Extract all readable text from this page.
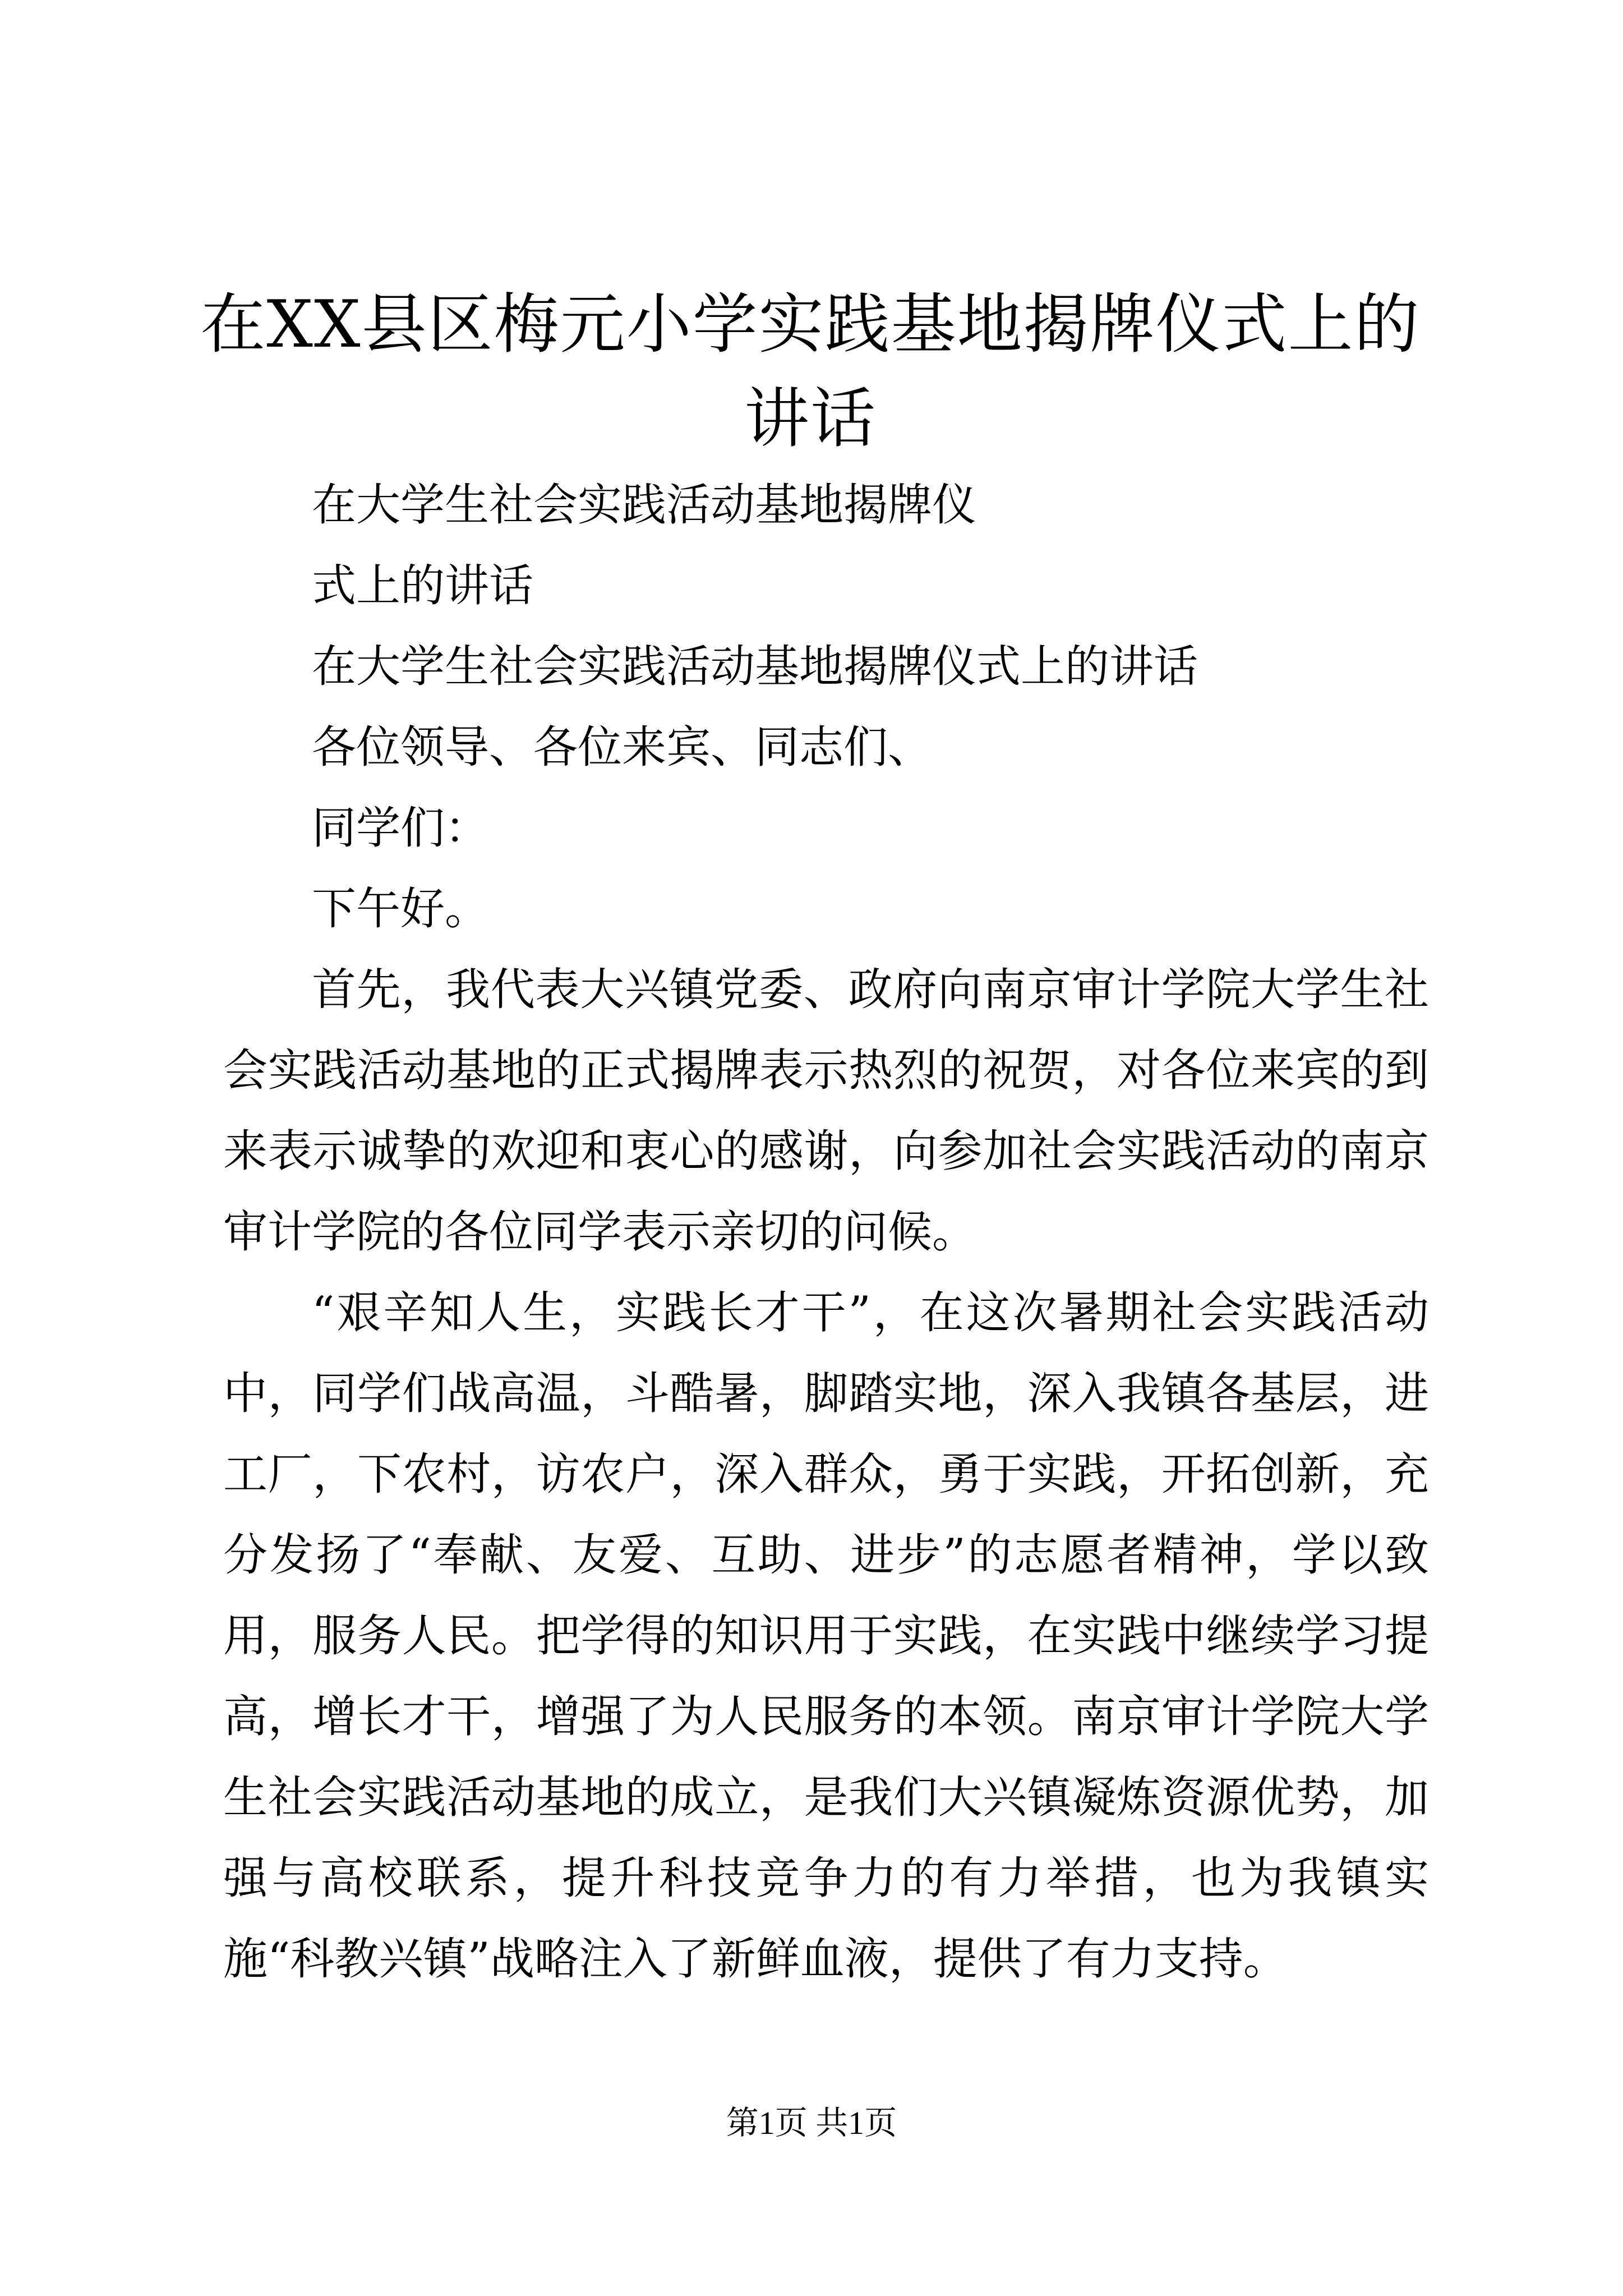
在XX县区梅元小学实践基地揭牌仪式上的讲话

在大学生社会实践活动基地揭牌仪

式上的讲话

在大学生社会实践活动基地揭牌仪式上的讲话

各位领导、各位来宾、同志们、

同学们：

下午好。

首先，我代表大兴镇党委、政府向南京审计学院大学生社会实践活动基地的正式揭牌表示热烈的祝贺，对各位来宾的到来表示诚挚的欢迎和衷心的感谢，向参加社会实践活动的南京审计学院的各位同学表示亲切的问候。

“艰辛知人生，实践长才干”，在这次暑期社会实践活动中，同学们战高温，斗酷暑，脚踏实地，深入我镇各基层，进工厂，下农村，访农户，深入群众，勇于实践，开拓创新，充分发扬了“奉献、友爱、互助、进步”的志愿者精神，学以致用，服务人民。把学得的知识用于实践，在实践中继续学习提高，增长才干，增强了为人民服务的本领。南京审计学院大学生社会实践活动基地的成立，是我们大兴镇凝炼资源优势，加强与高校联系，提升科技竞争力的有力举措，也为我镇实施“科教兴镇”战略注入了新鲜血液，提供了有力支持。

第1页 共1页
